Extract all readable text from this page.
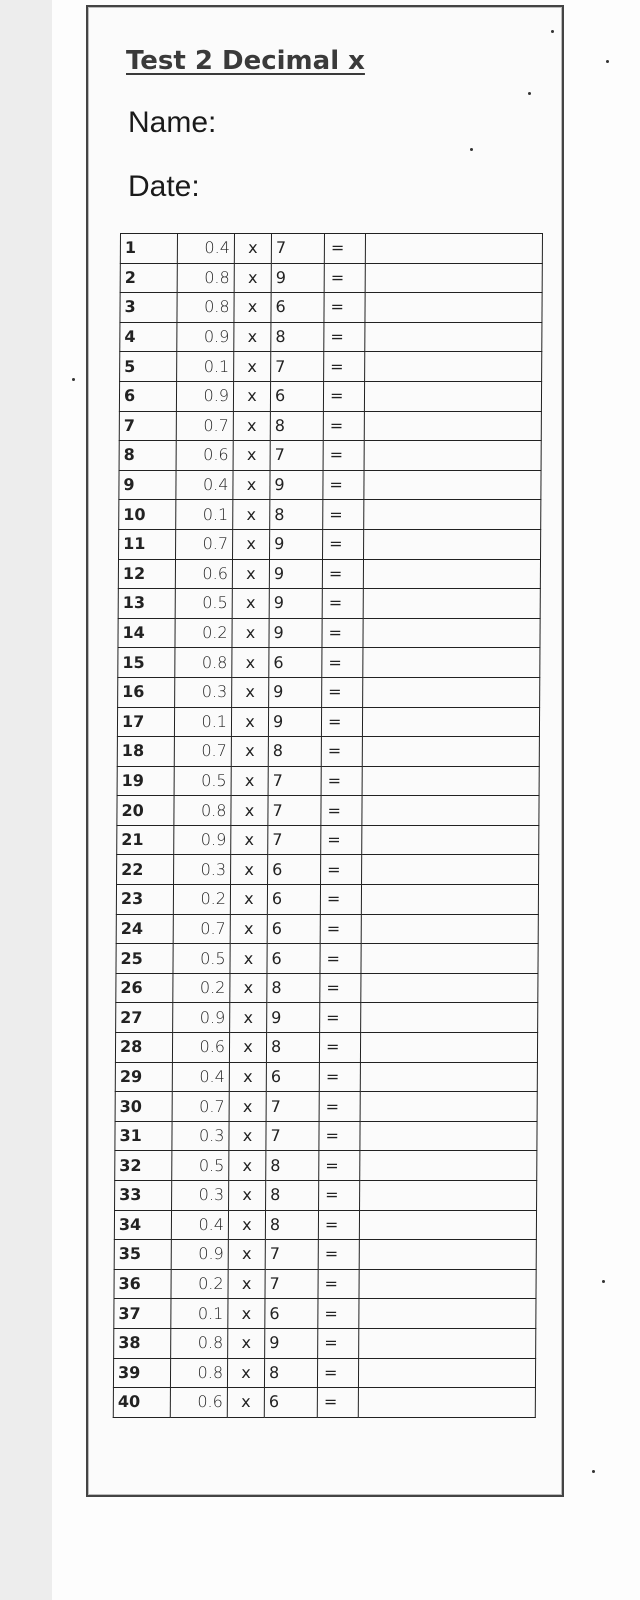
Test 2 Decimal x
Name:
Date:
1	0.4	x	7	=	
2	0.8	x	9	=	
3	0.8	x	6	=	
4	0.9	x	8	=	
5	0.1	x	7	=	
6	0.9	x	6	=	
7	0.7	x	8	=	
8	0.6	x	7	=	
9	0.4	x	9	=	
10	0.1	x	8	=	
11	0.7	x	9	=	
12	0.6	x	9	=	
13	0.5	x	9	=	
14	0.2	x	9	=	
15	0.8	x	6	=	
16	0.3	x	9	=	
17	0.1	x	9	=	
18	0.7	x	8	=	
19	0.5	x	7	=	
20	0.8	x	7	=	
21	0.9	x	7	=	
22	0.3	x	6	=	
23	0.2	x	6	=	
24	0.7	x	6	=	
25	0.5	x	6	=	
26	0.2	x	8	=	
27	0.9	x	9	=	
28	0.6	x	8	=	
29	0.4	x	6	=	
30	0.7	x	7	=	
31	0.3	x	7	=	
32	0.5	x	8	=	
33	0.3	x	8	=	
34	0.4	x	8	=	
35	0.9	x	7	=	
36	0.2	x	7	=	
37	0.1	x	6	=	
38	0.8	x	9	=	
39	0.8	x	8	=	
40	0.6	x	6	=	
